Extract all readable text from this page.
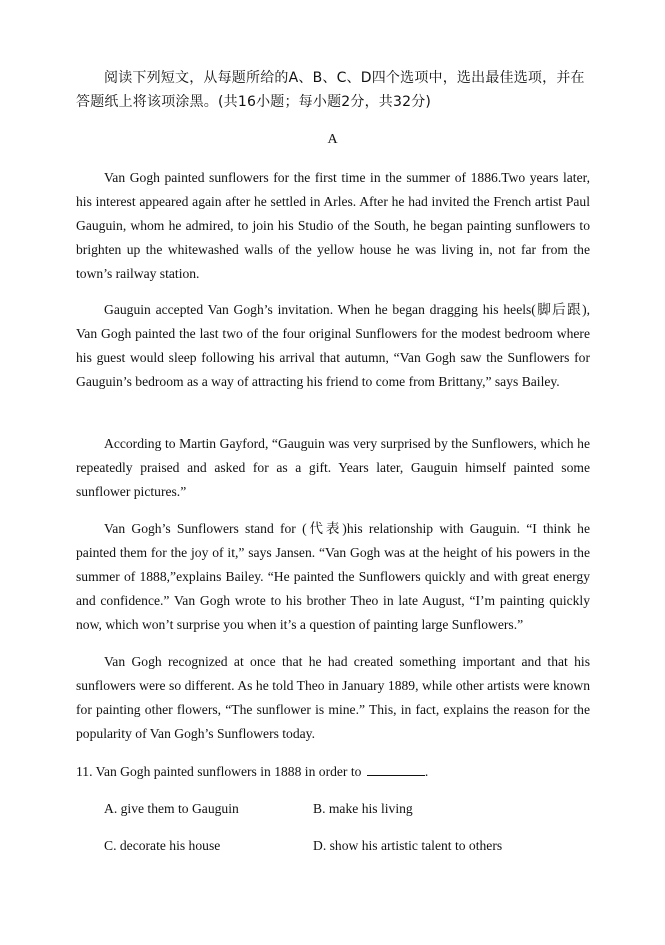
阅读下列短文，从每题所给的A、B、C、D四个选项中，选出最佳选项，并在答题纸上将该项涂黑。(共16小题；每小题2分，共32分)

A

Van Gogh painted sunflowers for the first time in the summer of 1886.Two years later, his interest appeared again after he settled in Arles. After he had invited the French artist Paul Gauguin, whom he admired, to join his Studio of the South, he began painting sunflowers to brighten up the whitewashed walls of the yellow house he was living in, not far from the town’s railway station.

Gauguin accepted Van Gogh’s invitation. When he began dragging his heels(脚后跟), Van Gogh painted the last two of the four original Sunflowers for the modest bedroom where his guest would sleep following his arrival that autumn, “Van Gogh saw the Sunflowers for Gauguin’s bedroom as a way of attracting his friend to come from Brittany,” says Bailey.

According to Martin Gayford, “Gauguin was very surprised by the Sunflowers, which he repeatedly praised and asked for as a gift. Years later, Gauguin himself painted some sunflower pictures.”

Van Gogh’s Sunflowers stand for (代表)his relationship with Gauguin. “I think he painted them for the joy of it,” says Jansen. “Van Gogh was at the height of his powers in the summer of 1888,”explains Bailey. “He painted the Sunflowers quickly and with great energy and confidence.” Van Gogh wrote to his brother Theo in late August, “I’m painting quickly now, which won’t surprise you when it’s a question of painting large Sunflowers.”

Van Gogh recognized at once that he had created something important and that his sunflowers were so different. As he told Theo in January 1889, while other artists were known for painting other flowers, “The sunflower is mine.” This, in fact, explains the reason for the popularity of Van Gogh’s Sunflowers today.

11. Van Gogh painted sunflowers in 1888 in order to	.

A. give them to Gauguin	B. make his living

C. decorate his house	D. show his artistic talent to others
